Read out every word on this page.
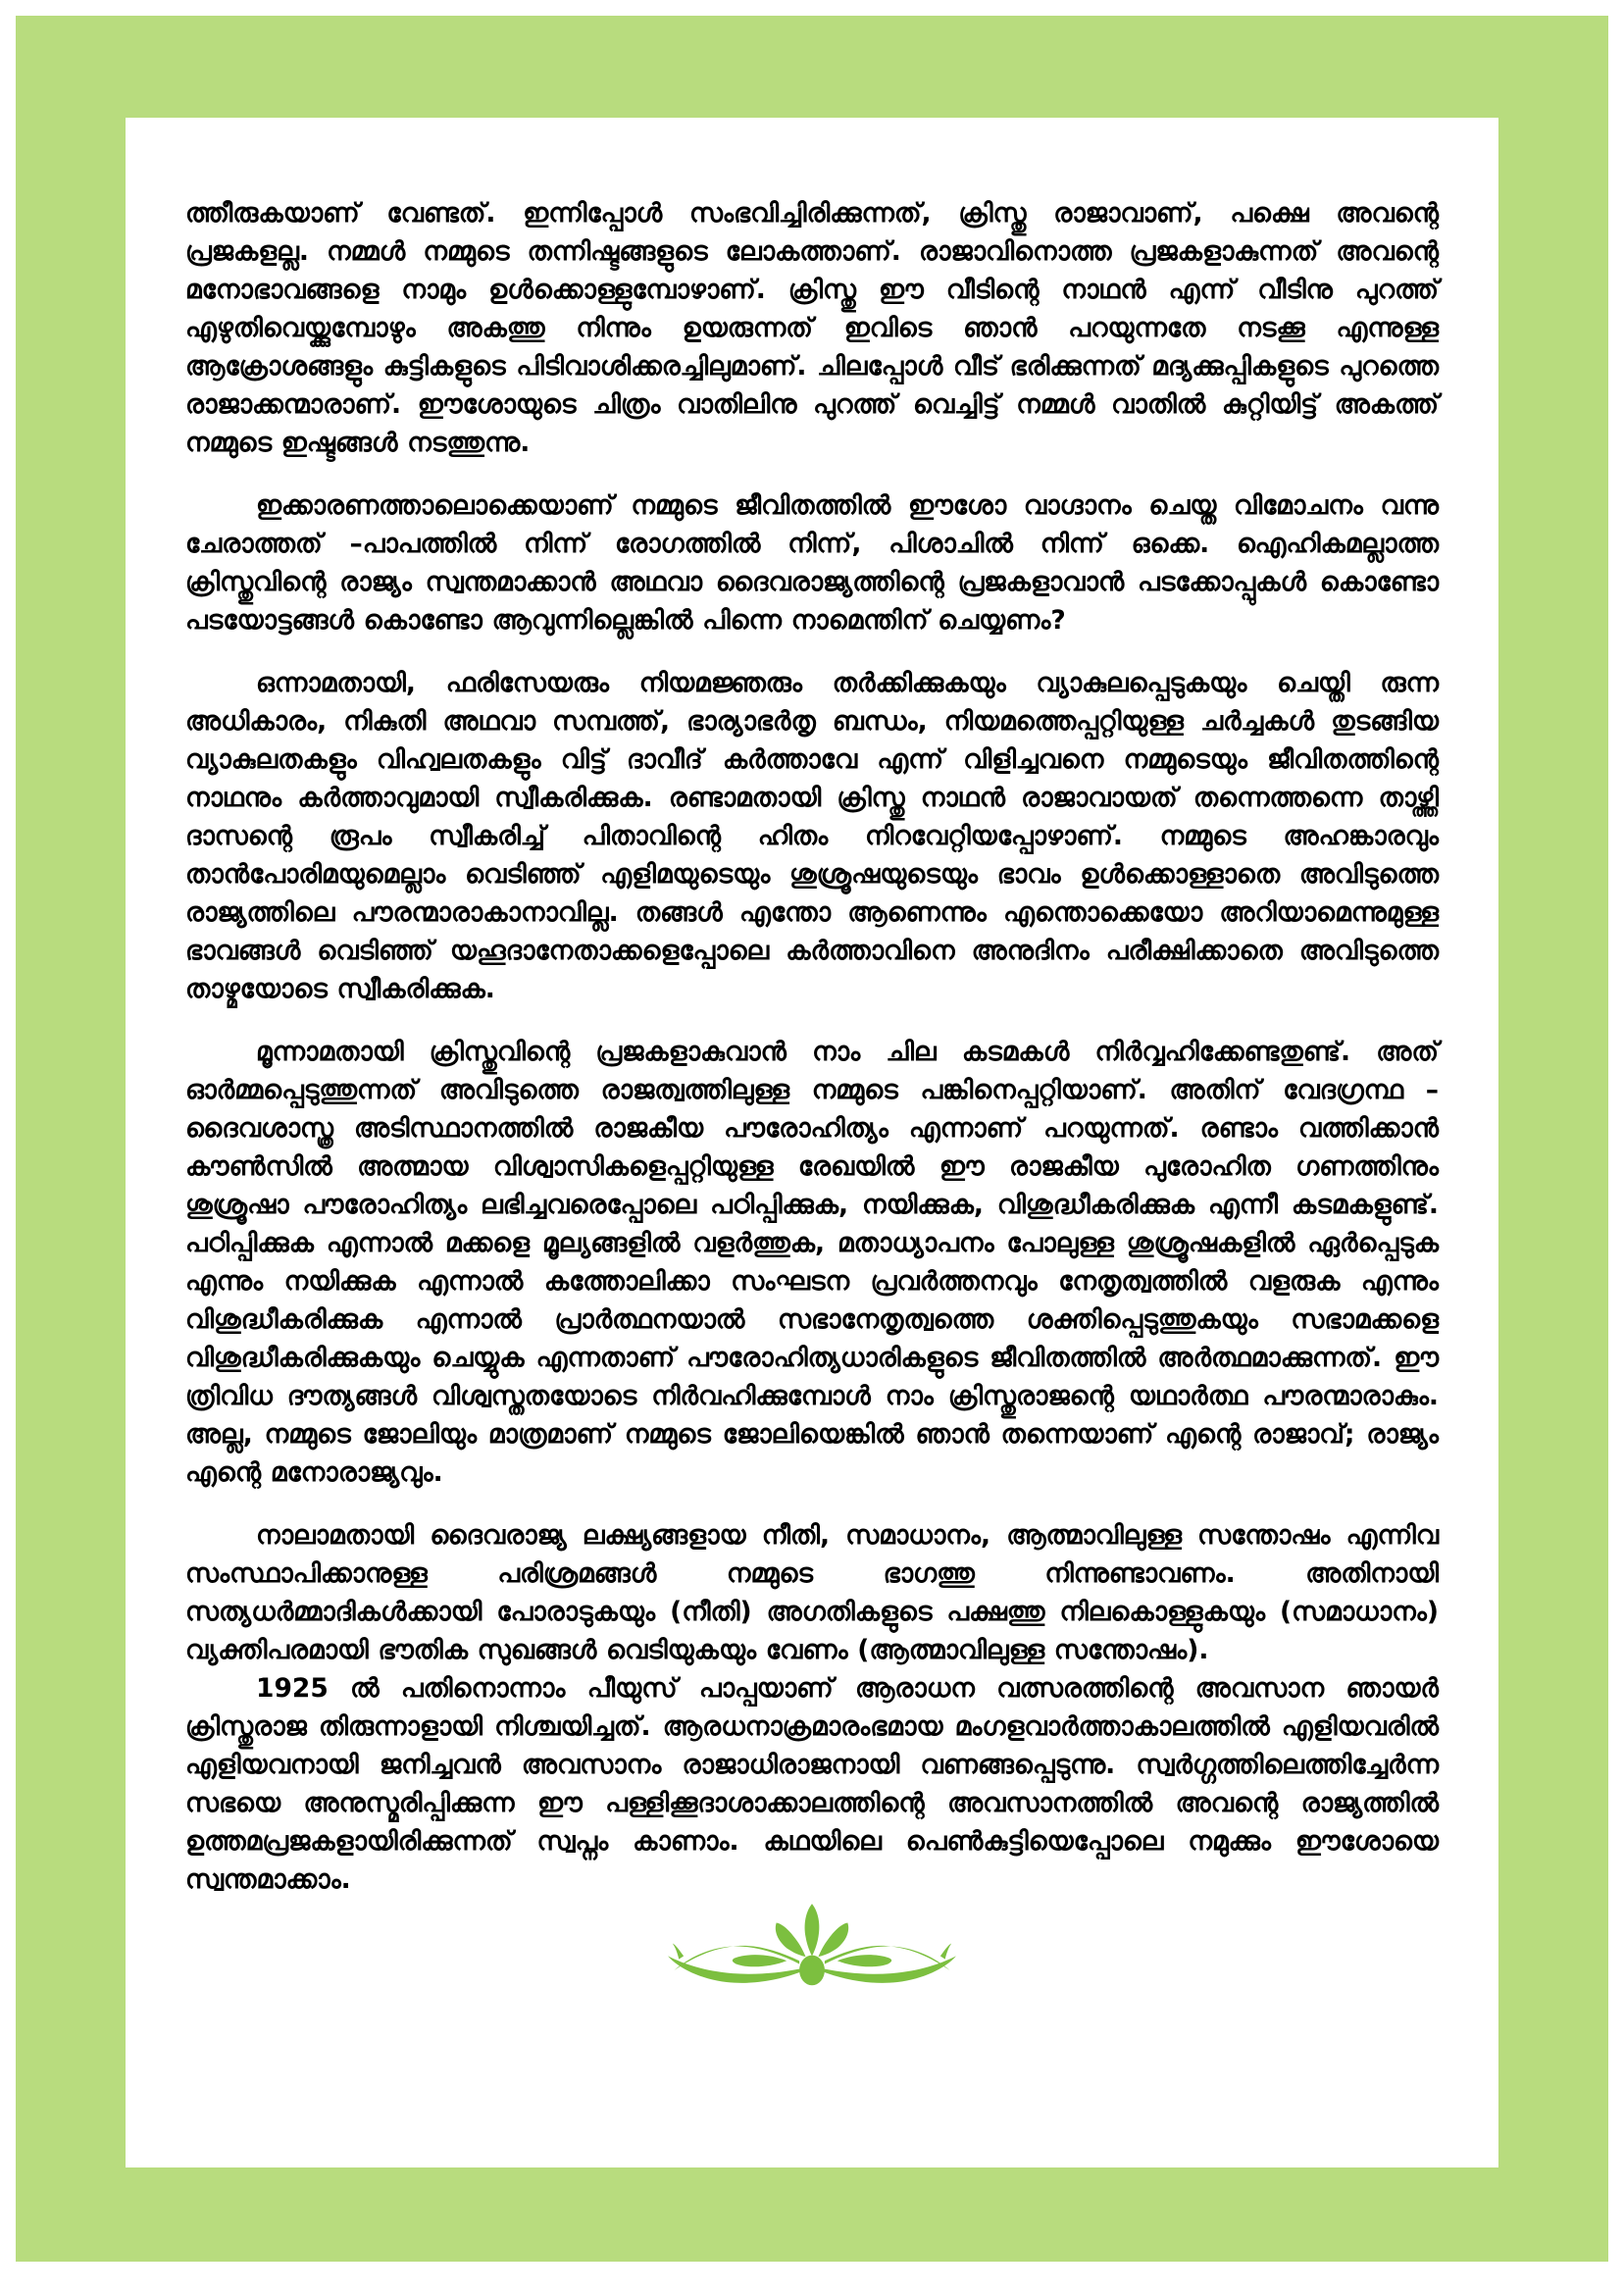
ത്തീരുകയാണ് വേണ്ടത്. ഇന്നിപ്പോൾ സംഭവിച്ചിരിക്കുന്നത്, ക്രിസ്തു രാജാവാണ്, പക്ഷെ അവന്റെ പ്രജകളല്ല. നമ്മൾ നമ്മുടെ തന്നിഷ്ടങ്ങളുടെ ലോകത്താണ്. രാജാവിനൊത്ത പ്രജകളാകുന്നത് അവന്റെ മനോഭാവങ്ങളെ നാമും ഉൾക്കൊള്ളുമ്പോഴാണ്. ക്രിസ്തു ഈ വീടിന്റെ നാഥൻ എന്ന് വീടിനു പുറത്ത് എഴുതിവെയ്ക്കുമ്പോഴും അകത്തു നിന്നും ഉയരുന്നത് ഇവിടെ ഞാൻ പറയുന്നതേ നടക്കൂ എന്നുള്ള ആക്രോശങ്ങളും കുട്ടികളുടെ പിടിവാശിക്കരച്ചിലുമാണ്. ചിലപ്പോൾ വീട് ഭരിക്കുന്നത് മദ്യക്കുപ്പികളുടെ പുറത്തെ രാജാക്കന്മാരാണ്. ഈശോയുടെ ചിത്രം വാതിലിനു പുറത്ത് വെച്ചിട്ട് നമ്മൾ വാതിൽ കുറ്റിയിട്ട് അകത്ത് നമ്മുടെ ഇഷ്ടങ്ങൾ നടത്തുന്നു.

ഇക്കാരണത്താലൊക്കെയാണ് നമ്മുടെ ജീവിതത്തിൽ ഈശോ വാഗ്ദാനം ചെയ്ത വിമോചനം വന്നു ചേരാത്തത് –പാപത്തിൽ നിന്ന് രോഗത്തിൽ നിന്ന്, പിശാചിൽ നിന്ന് ഒക്കെ. ഐഹികമല്ലാത്ത ക്രിസ്തുവിന്റെ രാജ്യം സ്വന്തമാക്കാൻ അഥവാ ദൈവരാജ്യത്തിന്റെ പ്രജകളാവാൻ പടക്കോപ്പുകൾ കൊണ്ടോ പടയോട്ടങ്ങൾ കൊണ്ടോ ആവുന്നില്ലെങ്കിൽ പിന്നെ നാമെന്തിന് ചെയ്യണം?

ഒന്നാമതായി, ഫരിസേയരും നിയമജ്ഞരും തർക്കിക്കുകയും വ്യാകുലപ്പെടുകയും ചെയ്തി രുന്ന അധികാരം, നികുതി അഥവാ സമ്പത്ത്, ഭാര്യാഭർതൃ ബന്ധം, നിയമത്തെപ്പറ്റിയുള്ള ചർച്ചകൾ തുടങ്ങിയ വ്യാകുലതകളും വിഹ്വലതകളും വിട്ട് ദാവീദ് കർത്താവേ എന്ന് വിളിച്ചവനെ നമ്മുടെയും ജീവിതത്തിന്റെ നാഥനും കർത്താവുമായി സ്വീകരിക്കുക. രണ്ടാമതായി ക്രിസ്തു നാഥൻ രാജാവായത് തന്നെത്തന്നെ താഴ്ത്തി ദാസന്റെ രൂപം സ്വീകരിച്ച് പിതാവിന്റെ ഹിതം നിറവേറ്റിയപ്പോഴാണ്. നമ്മുടെ അഹങ്കാരവും താൻപോരിമയുമെല്ലാം വെടിഞ്ഞ് എളിമയുടെയും ശുശ്രൂഷയുടെയും ഭാവം ഉൾക്കൊള്ളാതെ അവിടുത്തെ രാജ്യത്തിലെ പൗരന്മാരാകാനാവില്ല. തങ്ങൾ എന്തോ ആണെന്നും എന്തൊക്കെയോ അറിയാമെന്നുമുള്ള ഭാവങ്ങൾ വെടിഞ്ഞ് യഹൂദാനേതാക്കളെപ്പോലെ കർത്താവിനെ അനുദിനം പരീക്ഷിക്കാതെ അവിടുത്തെ താഴ്മയോടെ സ്വീകരിക്കുക.

മൂന്നാമതായി ക്രിസ്തുവിന്റെ പ്രജകളാകുവാൻ നാം ചില കടമകൾ നിർവ്വഹിക്കേണ്ടതുണ്ട്. അത് ഓർമ്മപ്പെടുത്തുന്നത് അവിടുത്തെ രാജത്വത്തിലുള്ള നമ്മുടെ പങ്കിനെപ്പറ്റിയാണ്. അതിന് വേദഗ്രന്ഥ – ദൈവശാസ്ത്ര അടിസ്ഥാനത്തിൽ രാജകീയ പൗരോഹിത്യം എന്നാണ് പറയുന്നത്. രണ്ടാം വത്തിക്കാൻ കൗൺസിൽ അത്മായ വിശ്വാസികളെപ്പറ്റിയുള്ള രേഖയിൽ ഈ രാജകീയ പുരോഹിത ഗണത്തിനും ശുശ്രൂഷാ പൗരോഹിത്യം ലഭിച്ചവരെപ്പോലെ പഠിപ്പിക്കുക, നയിക്കുക, വിശുദ്ധീകരിക്കുക എന്നീ കടമകളുണ്ട്. പഠിപ്പിക്കുക എന്നാൽ മക്കളെ മൂല്യങ്ങളിൽ വളർത്തുക, മതാധ്യാപനം പോലുള്ള ശുശ്രൂഷകളിൽ ഏർപ്പെടുക എന്നും നയിക്കുക എന്നാൽ കത്തോലിക്കാ സംഘടന പ്രവർത്തനവും നേതൃത്വത്തിൽ വളരുക എന്നും വിശുദ്ധീകരിക്കുക എന്നാൽ പ്രാർത്ഥനയാൽ സഭാനേതൃത്വത്തെ ശക്തിപ്പെടുത്തുകയും സഭാമക്കളെ വിശുദ്ധീകരിക്കുകയും ചെയ്യുക എന്നതാണ് പൗരോഹിത്യധാരികളുടെ ജീവിതത്തിൽ അർത്ഥമാക്കുന്നത്. ഈ ത്രിവിധ ദൗത്യങ്ങൾ വിശ്വസ്തതയോടെ നിർവഹിക്കുമ്പോൾ നാം ക്രിസ്തുരാജന്റെ യഥാർത്ഥ പൗരന്മാരാകും. അല്ല, നമ്മുടെ ജോലിയും മാത്രമാണ് നമ്മുടെ ജോലിയെങ്കിൽ ഞാൻ തന്നെയാണ് എന്റെ രാജാവ്; രാജ്യം എന്റെ മനോരാജ്യവും.

നാലാമതായി ദൈവരാജ്യ ലക്ഷ്യങ്ങളായ നീതി, സമാധാനം, ആത്മാവിലുള്ള സന്തോഷം എന്നിവ സംസ്ഥാപിക്കാനുള്ള പരിശ്രമങ്ങൾ നമ്മുടെ ഭാഗത്തു നിന്നുണ്ടാവണം. അതിനായി സത്യധർമ്മാദികൾക്കായി പോരാടുകയും (നീതി) അഗതികളുടെ പക്ഷത്തു നിലകൊള്ളുകയും (സമാധാനം) വ്യക്തിപരമായി ഭൗതിക സുഖങ്ങൾ വെടിയുകയും വേണം (ആത്മാവിലുള്ള സന്തോഷം).

1925 ൽ പതിനൊന്നാം പീയുസ് പാപ്പയാണ് ആരാധന വത്സരത്തിന്റെ അവസാന ഞായർ ക്രിസ്തുരാജ തിരുന്നാളായി നിശ്ചയിച്ചത്. ആരധനാക്രമാരംഭമായ മംഗളവാർത്താകാലത്തിൽ എളിയവരിൽ എളിയവനായി ജനിച്ചവൻ അവസാനം രാജാധിരാജനായി വണങ്ങപ്പെടുന്നു. സ്വർഗ്ഗത്തിലെത്തിച്ചേർന്ന സഭയെ അനുസ്മരിപ്പിക്കുന്ന ഈ പള്ളിക്കൂദാശാക്കാലത്തിന്റെ അവസാനത്തിൽ അവന്റെ രാജ്യത്തിൽ ഉത്തമപ്രജകളായിരിക്കുന്നത് സ്വപ്നം കാണാം. കഥയിലെ പെൺകുട്ടിയെപ്പോലെ നമുക്കും ഈശോയെ സ്വന്തമാക്കാം.
